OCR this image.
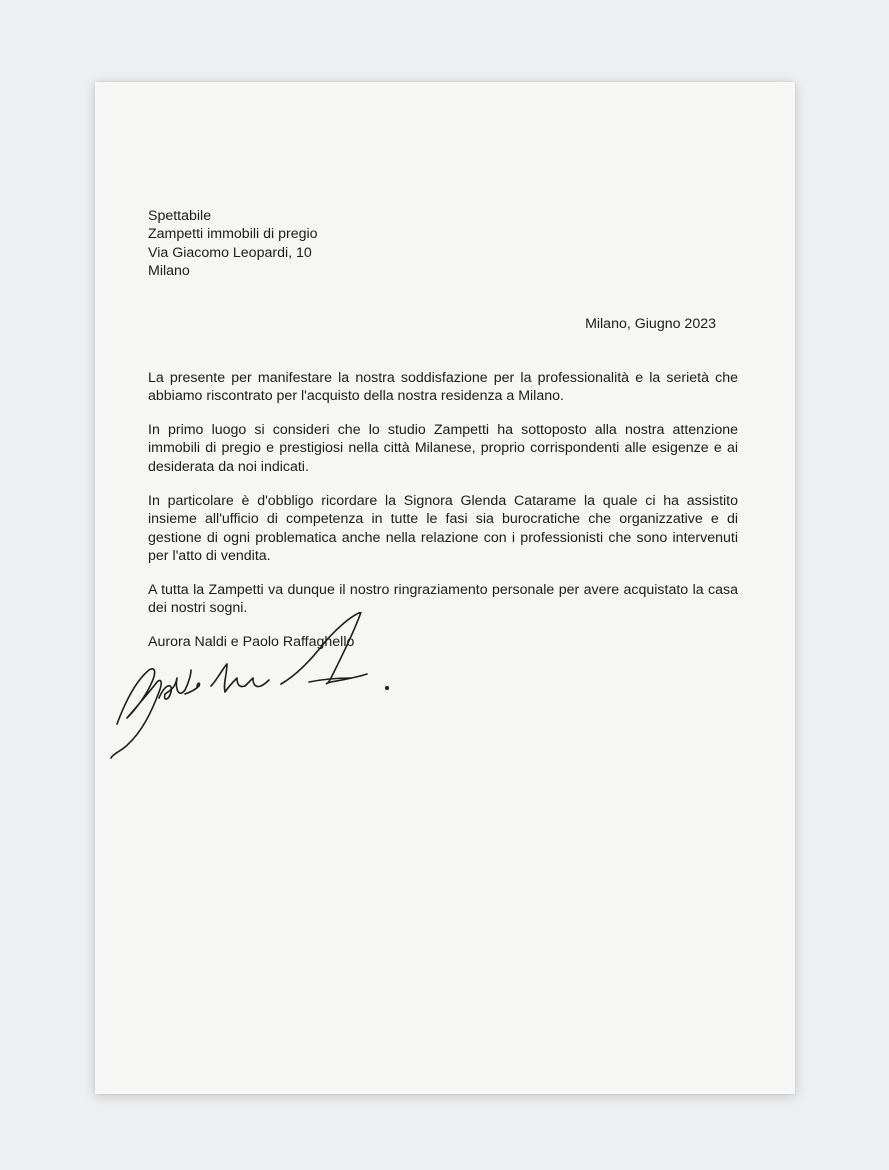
Spettabile
Zampetti immobili di pregio
Via Giacomo Leopardi, 10
Milano
Milano, Giugno 2023

La presente per manifestare la nostra soddisfazione per la professionalità e la serietà che abbiamo riscontrato per l'acquisto della nostra residenza a Milano.

In primo luogo si consideri che lo studio Zampetti ha sottoposto alla nostra attenzione immobili di pregio e prestigiosi nella città Milanese, proprio corrispondenti alle esigenze e ai desiderata da noi indicati.

In particolare è d'obbligo ricordare la Signora Glenda Catarame la quale ci ha assistito insieme all'ufficio di competenza in tutte le fasi sia burocratiche che organizzative e di gestione di ogni problematica anche nella relazione con i professionisti che sono intervenuti per l'atto di vendita.

A tutta la Zampetti va dunque il nostro ringraziamento personale per avere acquistato la casa dei nostri sogni.

Aurora Naldi e Paolo Raffaghello
